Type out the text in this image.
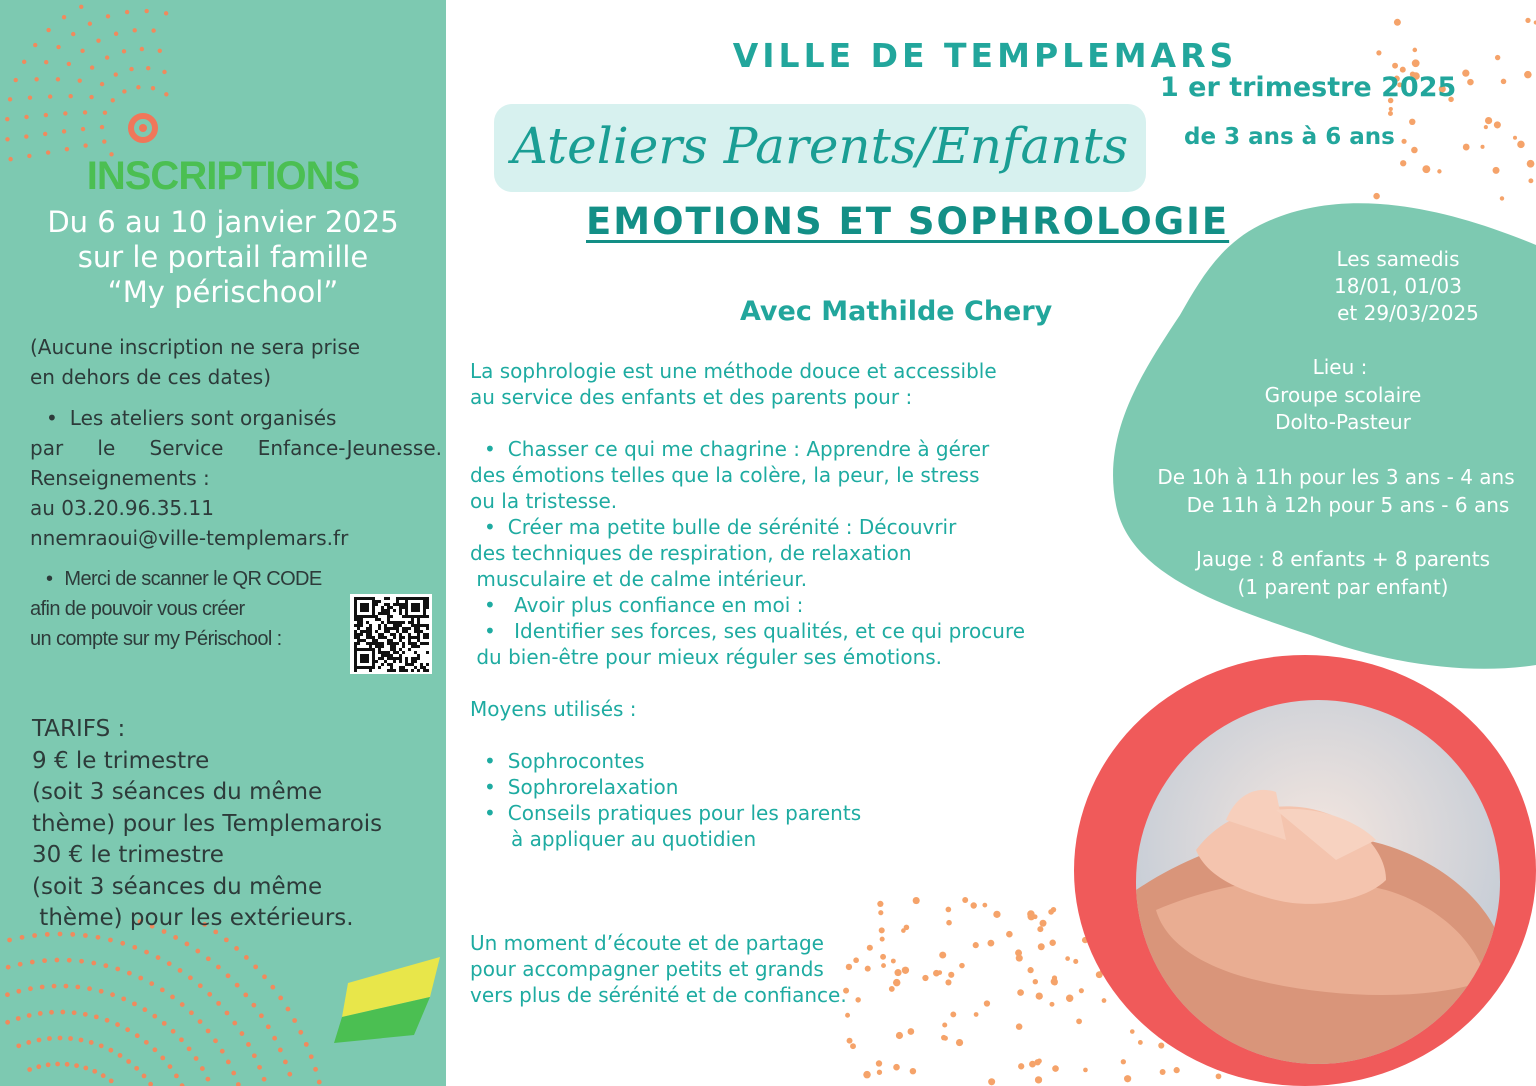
INSCRIPTIONS
Du 6 au 10 janvier 2025
sur le portail famille
“My périschool”
(Aucune inscription ne sera prise
en dehors de ces dates)
• Les ateliers sont organisés
par le Service Enfance-Jeunesse.
Renseignements :
au 03.20.96.35.11
nnemraoui@ville-templemars.fr
• Merci de scanner le QR CODE
afin de pouvoir vous créer
un compte sur my Périschool :
TARIFS :
9 € le trimestre
(soit 3 séances du même
thème) pour les Templemarois
30 € le trimestre
(soit 3 séances du même
thème) pour les extérieurs.
VILLE DE TEMPLEMARS
1 er trimestre 2025
de 3 ans à 6 ans
Ateliers Parents/Enfants
EMOTIONS ET SOPHROLOGIE
Avec Mathilde Chery
La sophrologie est une méthode douce et accessible
au service des enfants et des parents pour :
• Chasser ce qui me chagrine : Apprendre à gérer
des émotions telles que la colère, la peur, le stress
ou la tristesse.
• Créer ma petite bulle de sérénité : Découvrir
des techniques de respiration, de relaxation
musculaire et de calme intérieur.
•  Avoir plus confiance en moi :
•  Identifier ses forces, ses qualités, et ce qui procure
du bien-être pour mieux réguler ses émotions.
Moyens utilisés :
• Sophrocontes
• Sophrorelaxation
• Conseils pratiques pour les parents
à appliquer au quotidien
Un moment d’écoute et de partage
pour accompagner petits et grands
vers plus de sérénité et de confiance.
Les samedis
18/01, 01/03
et 29/03/2025
Lieu :
Groupe scolaire
Dolto-Pasteur
De 10h à 11h pour les 3 ans - 4 ans
De 11h à 12h pour 5 ans - 6 ans
Jauge : 8 enfants + 8 parents
(1 parent par enfant)
